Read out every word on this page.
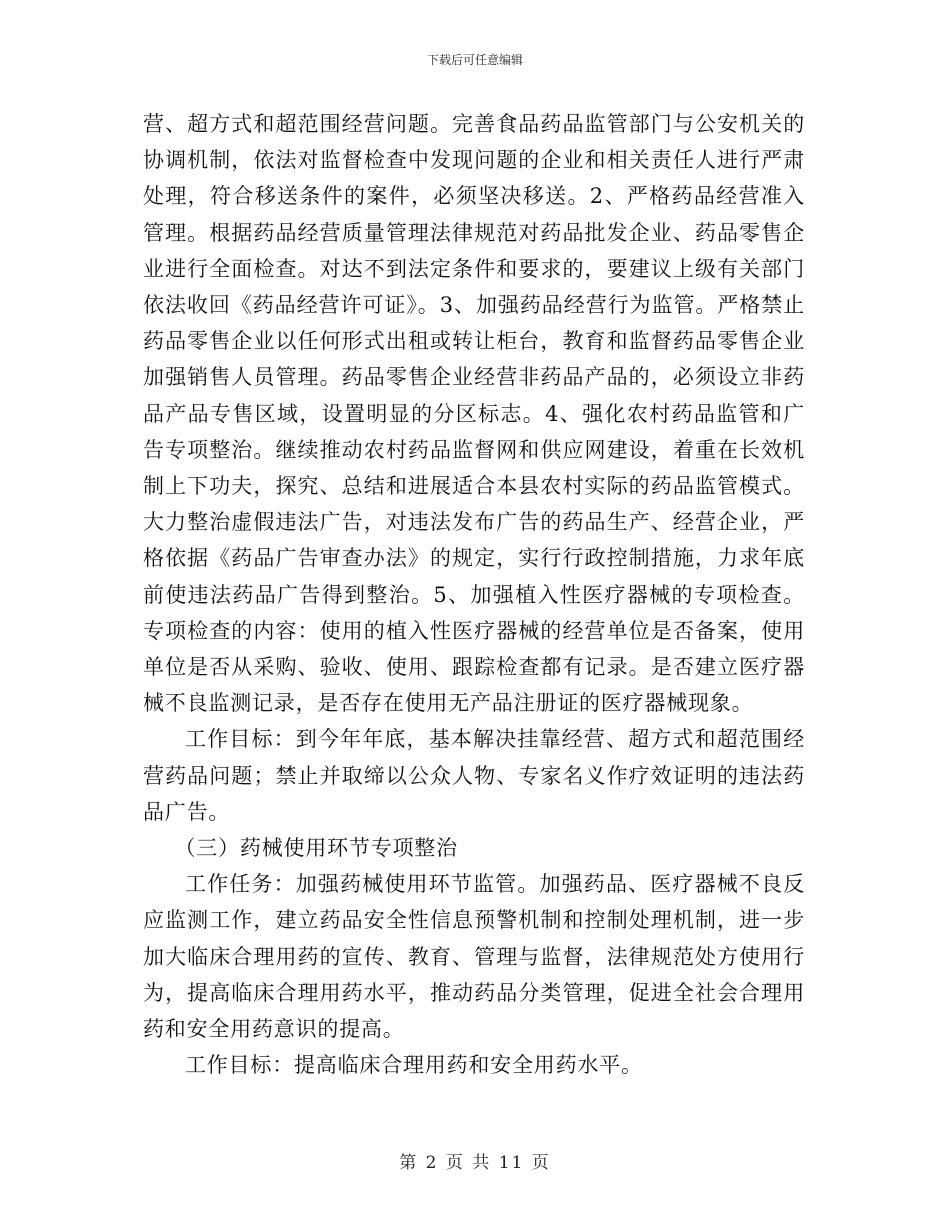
下载后可任意编辑

营、超方式和超范围经营问题。完善食品药品监管部门与公安机关的协调机制，依法对监督检查中发现问题的企业和相关责任人进行严肃处理，符合移送条件的案件，必须坚决移送。2、严格药品经营准入管理。根据药品经营质量管理法律规范对药品批发企业、药品零售企业进行全面检查。对达不到法定条件和要求的，要建议上级有关部门依法收回《药品经营许可证》。3、加强药品经营行为监管。严格禁止药品零售企业以任何形式出租或转让柜台，教育和监督药品零售企业加强销售人员管理。药品零售企业经营非药品产品的，必须设立非药品产品专售区域，设置明显的分区标志。4、强化农村药品监管和广告专项整治。继续推动农村药品监督网和供应网建设，着重在长效机制上下功夫，探究、总结和进展适合本县农村实际的药品监管模式。大力整治虚假违法广告，对违法发布广告的药品生产、经营企业，严格依据《药品广告审查办法》的规定，实行行政控制措施，力求年底前使违法药品广告得到整治。5、加强植入性医疗器械的专项检查。专项检查的内容：使用的植入性医疗器械的经营单位是否备案，使用单位是否从采购、验收、使用、跟踪检查都有记录。是否建立医疗器械不良监测记录，是否存在使用无产品注册证的医疗器械现象。

工作目标：到今年年底，基本解决挂靠经营、超方式和超范围经营药品问题；禁止并取缔以公众人物、专家名义作疗效证明的违法药品广告。

（三）药械使用环节专项整治

工作任务：加强药械使用环节监管。加强药品、医疗器械不良反应监测工作，建立药品安全性信息预警机制和控制处理机制，进一步加大临床合理用药的宣传、教育、管理与监督，法律规范处方使用行为，提高临床合理用药水平，推动药品分类管理，促进全社会合理用药和安全用药意识的提高。

工作目标：提高临床合理用药和安全用药水平。

第 2 页 共 11 页
